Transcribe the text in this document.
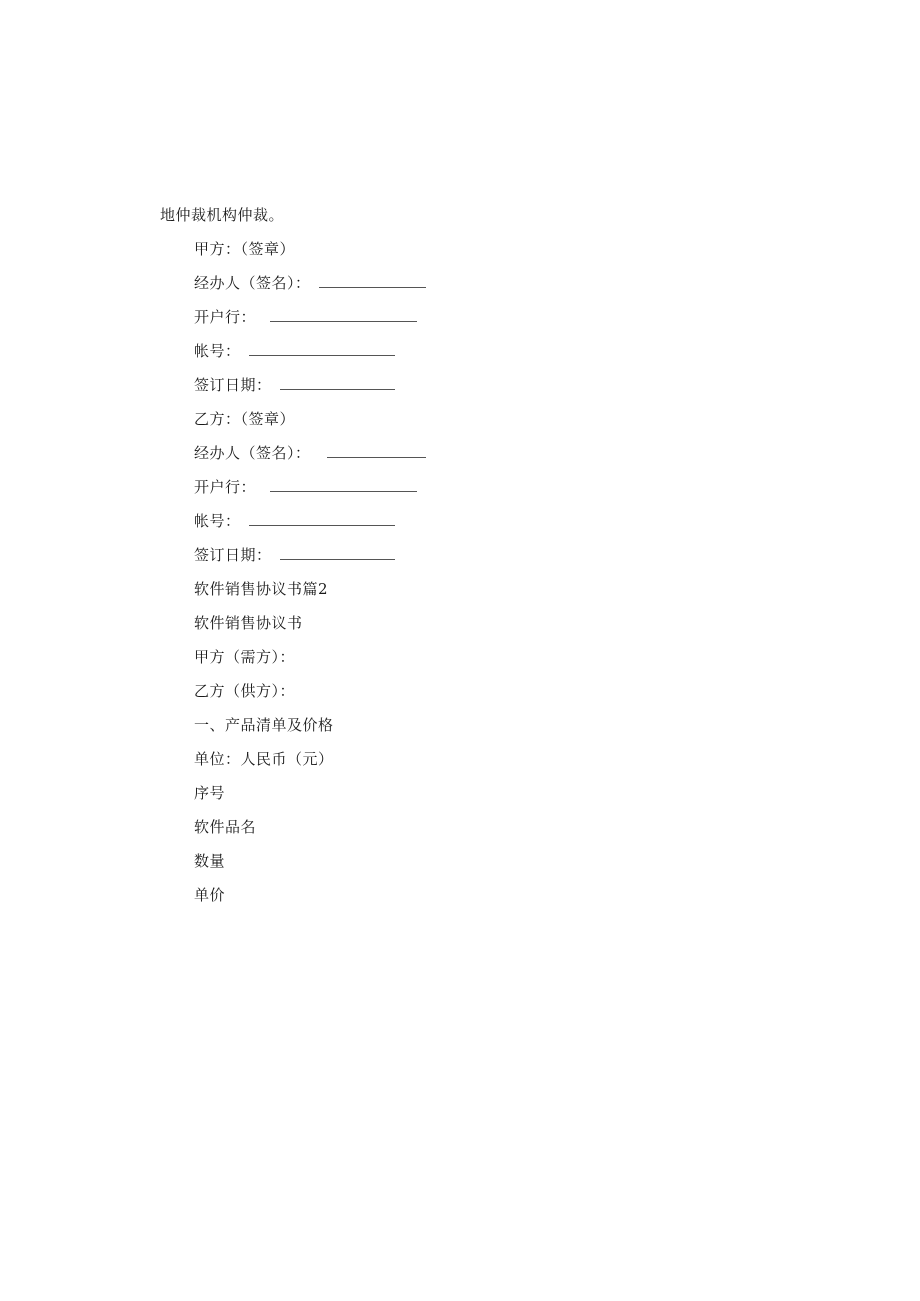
地仲裁机构仲裁。
甲方：（签章）
经办人（签名）：
开户行：
帐号：
签订日期：
乙方：（签章）
经办人（签名）：
开户行：
帐号：
签订日期：
软件销售协议书篇2
软件销售协议书
甲方（需方）：
乙方（供方）：
一、产品清单及价格
单位：人民币（元）
序号
软件品名
数量
单价
